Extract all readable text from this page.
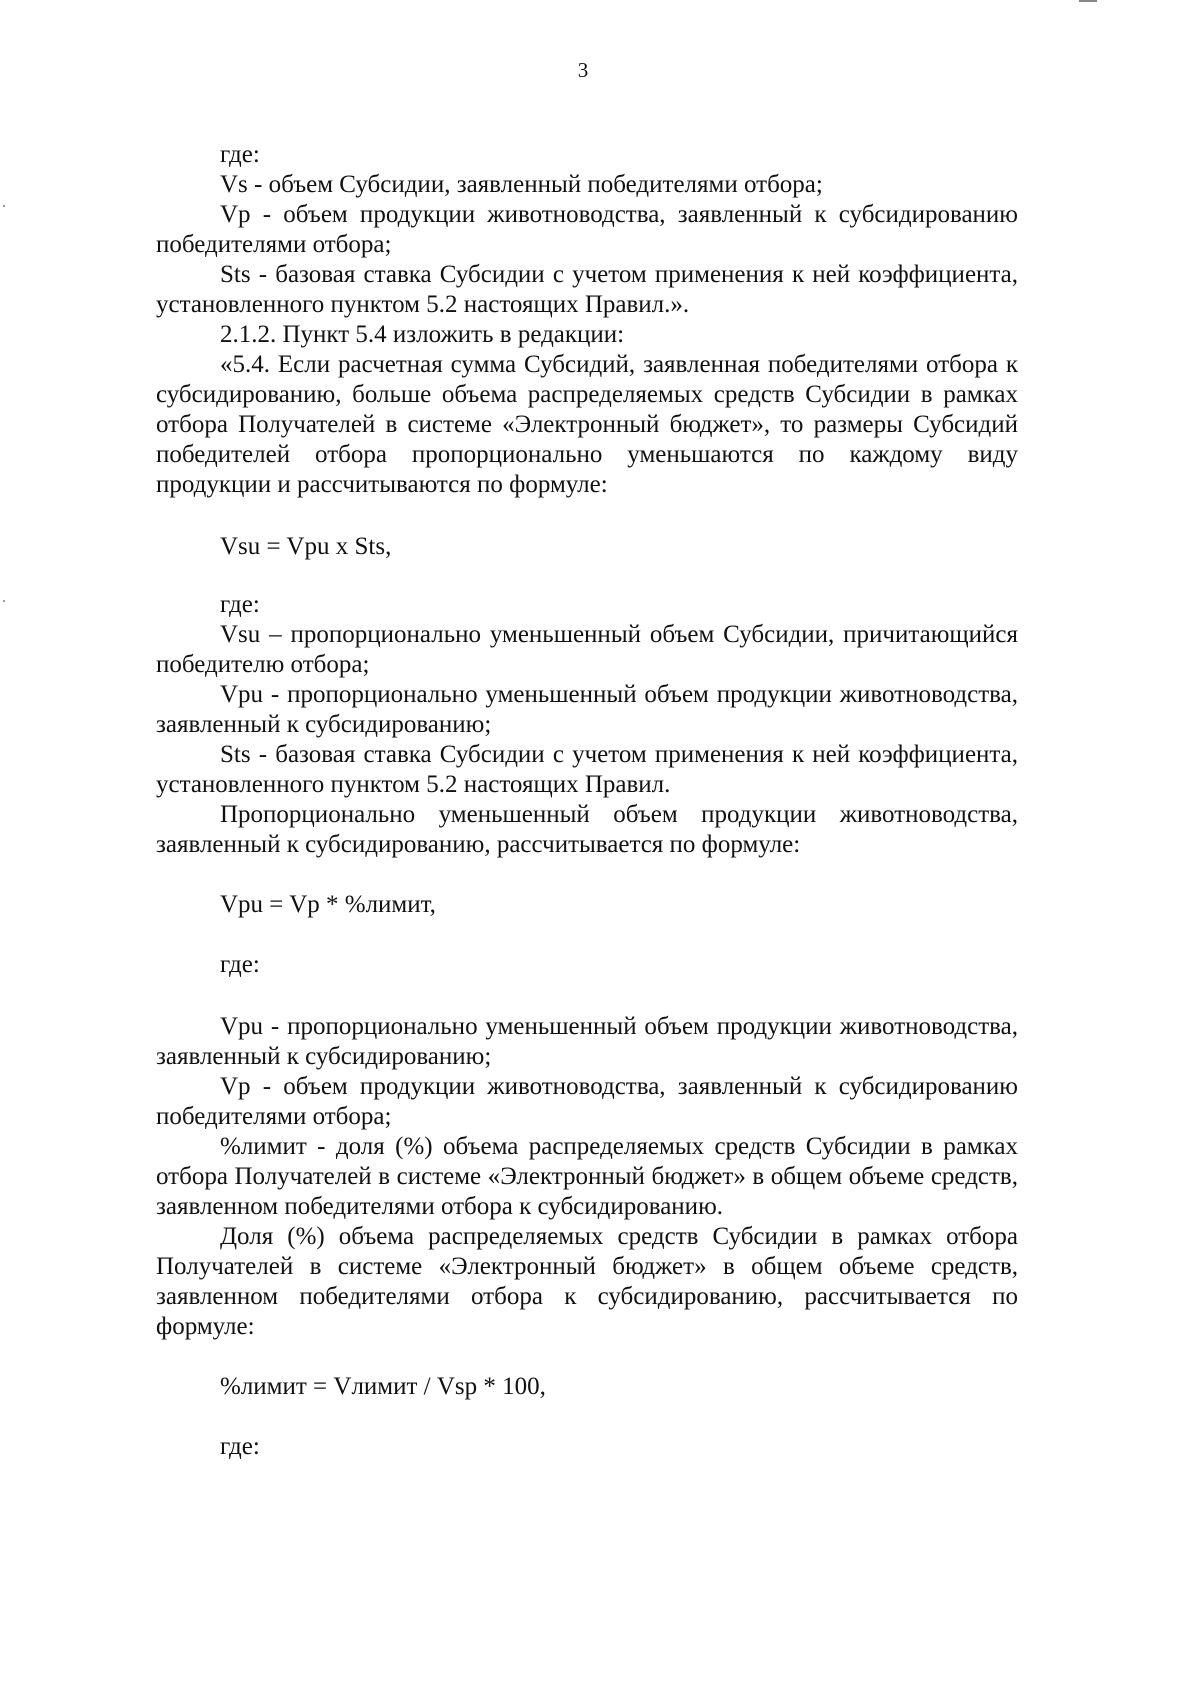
3

где:

Vs - объем Субсидии, заявленный победителями отбора;

Vp - объем продукции животноводства, заявленный к субсидированию победителями отбора;

Sts - базовая ставка Субсидии с учетом применения к ней коэффициента, установленного пунктом 5.2 настоящих Правил.».

2.1.2. Пункт 5.4 изложить в редакции:

«5.4. Если расчетная сумма Субсидий, заявленная победителями отбора к субсидированию, больше объема распределяемых средств Субсидии в рамках отбора Получателей в системе «Электронный бюджет», то размеры Субсидий победителей отбора пропорционально уменьшаются по каждому виду продукции и рассчитываются по формуле:

Vsu = Vpu x Sts,

где:

Vsu – пропорционально уменьшенный объем Субсидии, причитающийся победителю отбора;

Vpu - пропорционально уменьшенный объем продукции животноводства, заявленный к субсидированию;

Sts - базовая ставка Субсидии с учетом применения к ней коэффициента, установленного пунктом 5.2 настоящих Правил.

Пропорционально уменьшенный объем продукции животноводства, заявленный к субсидированию, рассчитывается по формуле:

Vpu = Vp * %лимит,

где:

Vpu - пропорционально уменьшенный объем продукции животноводства, заявленный к субсидированию;

Vp - объем продукции животноводства, заявленный к субсидированию победителями отбора;

%лимит - доля (%) объема распределяемых средств Субсидии в рамках отбора Получателей в системе «Электронный бюджет» в общем объеме средств, заявленном победителями отбора к субсидированию.

Доля (%) объема распределяемых средств Субсидии в рамках отбора Получателей в системе «Электронный бюджет» в общем объеме средств, заявленном победителями отбора к субсидированию, рассчитывается по формуле:

%лимит = Vлимит / Vsp * 100,

где:
